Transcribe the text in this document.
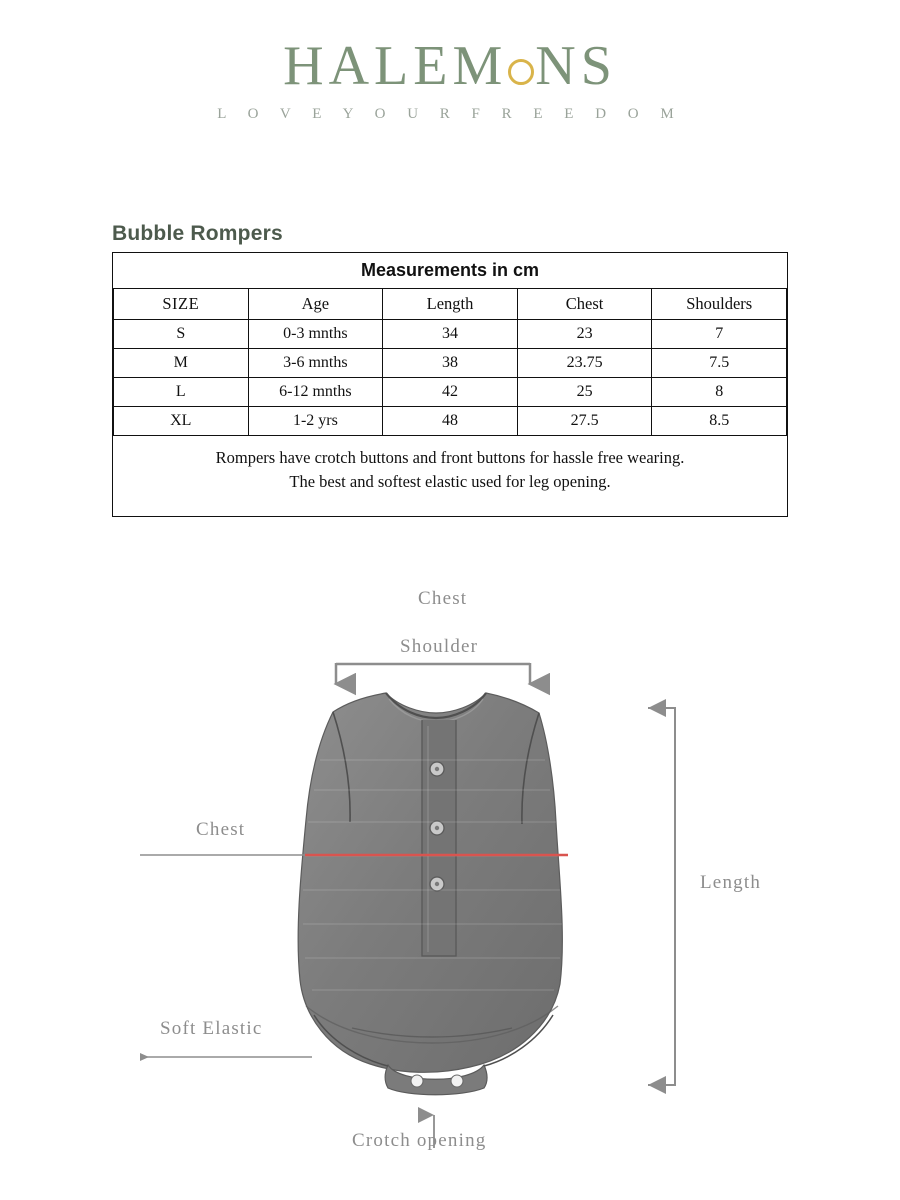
HALEM NS
L O V E Y O U R F R E E D O M
Bubble Rompers
Measurements in cm				
SIZE	Age	Length	Chest	Shoulders
S	0-3 mnths	34	23	7
M	3-6 mnths	38	23.75	7.5
L	6-12 mnths	42	25	8
XL	1-2 yrs	48	27.5	8.5

Rompers have crotch buttons and front buttons for hassle free wearing.
The best and softest elastic used for leg opening.				
Chest
Shoulder
Chest
Length
Soft Elastic
Crotch opening
